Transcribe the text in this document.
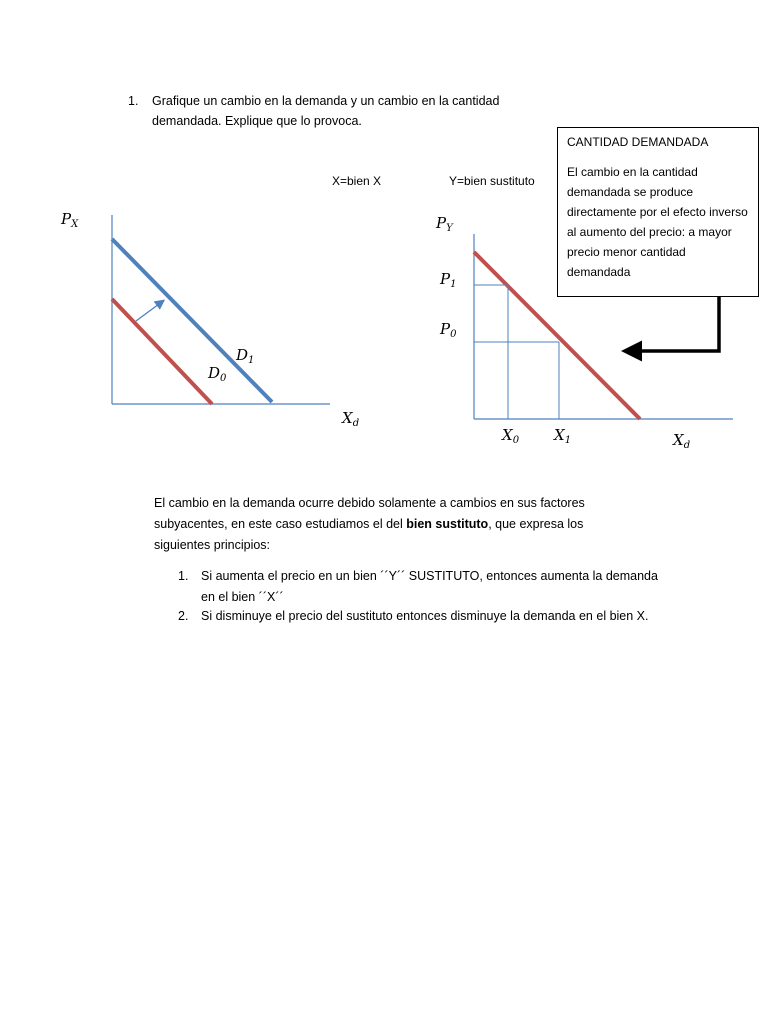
1. Grafique un cambio en la demanda y un cambio en la cantidad demandada. Explique que lo provoca.
X=bien X	Y=bien sustituto
$P_X$
$X_d$
$D_1$
$D_0$
$P_Y$
$P_1$
$P_0$
$X_0$ $X_1$	$X_d$
CANTIDAD DEMANDADA
El cambio en la cantidad demandada se produce directamente por el efecto inverso al aumento del precio: a mayor precio menor cantidad demandada
El cambio en la demanda ocurre debido solamente a cambios en sus factores subyacentes, en este caso estudiamos el del bien sustituto, que expresa los siguientes principios:
1. Si aumenta el precio en un bien ´´Y´´ SUSTITUTO, entonces aumenta la demanda en el bien ´´X´´
2. Si disminuye el precio del sustituto entonces disminuye la demanda en el bien X.
